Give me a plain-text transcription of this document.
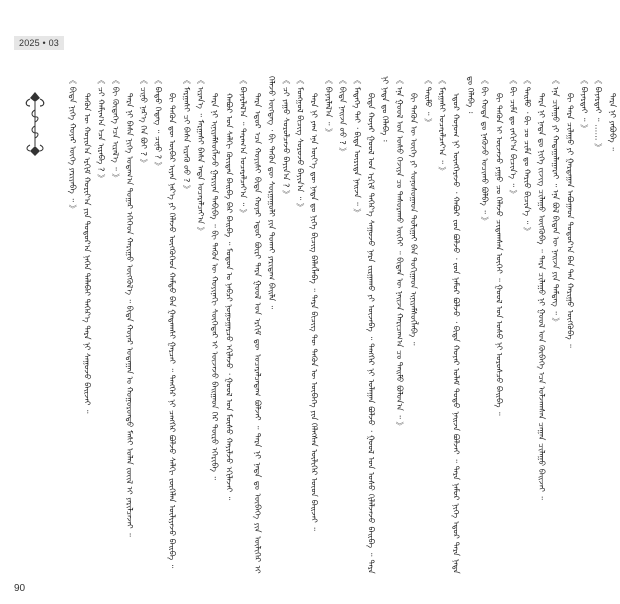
2025 • 03

《 ᠪᠢᠳᠡ ᠨᠢᠭᠡ ᠬᠣᠶᠠᠷ ᠦᠭᠡ ᠶᠠᠷᠢᠶᠠᠪᠠ ᠃ 》 ᠲᠡᠭᠦᠨ ᠦ ᠬᠣᠶᠢᠨ᠎ᠠ ᠡᠷᠬᠢᠮ ᠬᠣᠷᠢᠶ᠎ᠠ ᠶᠢᠨ ᠳᠣᠲᠣᠷ᠎ᠠ ᠨᠡᠭᠡᠨ ᠲᠠᠯᠠᠪᠠᠢ ᠳᠡᠭᠡᠷ᠎ᠡ ᠲᠡᠷᠡ ᠨᠢ ᠰᠠᠭᠤᠵᠤ ᠪᠠᠢᠵᠠᠢ ᠃ 《 ᠴᠢ ᠬᠠᠮᠢᠭ᠎ᠠ ᠡᠴᠡ ᠢᠷᠡᠪᠡ ? 》 《 ᠪᠢ ᠬᠦᠳᠡᠭᠡ ᠡᠴᠡ ᠢᠷᠡᠯ᠎ᠡ ᠃ 》 ᠲᠡᠷᠡ ᠨᠢ ᠪᠠᠰᠠ ᠨᠢᠭᠡ ᠤᠳᠠᠭ᠎ᠠ ᠳᠤᠭᠠᠷ ᠡᠭᠡᠭᠡᠳ ᠬᠠᠷᠢᠭᠤ ᠥᠭᠭᠦᠯ᠎ᠡ ᠃ ᠪᠢᠳᠡ ᠬᠣᠶᠠᠷ ᠤᠳᠠᠭᠠᠨ ᠤ ᠬᠣᠭᠤᠷᠤᠨᠳᠤ ᠮᠠᠰᠢ ᠣᠯᠠᠨ ᠵᠦᠢᠯ ᠢ ᠶᠠᠷᠢᠯᠴᠠᠵᠠᠢ ᠃ 《 ᠴᠢᠨᠦ ᠨᠡᠷ᠎ᠡ ᠬᠡᠨ ᠪᠤᠢ ? 》 《 ᠪᠠᠲᠤ ᠭᠡᠳᠡᠭ ᠃ ᠴᠢᠨᠦ ? 》 ᠪᠢ ᠲᠡᠭᠦᠨ ᠳᠦ ᠥᠪᠡᠷ ᠢᠶᠡᠨ ᠨᠡᠷ᠎ᠡ ᠶᠢ ᠬᠡᠯᠡᠵᠦ ᠥᠭᠭᠦᠭᠡᠳ ᠬᠠᠮᠲᠤ ᠪᠠᠨ ᠭᠠᠳᠠᠭᠰᠢ ᠭᠠᠷᠴᠠᠢ ᠃ ᠲᠡᠩᠭᠡᠷ ᠨᠢ ᠴᠡᠩᠬᠡᠷ ᠪᠣᠯᠵᠤ ᠰᠠᠯᠬᠢ ᠵᠥᠭᠡᠯᠡᠨ ᠦᠯᠢᠶᠡᠵᠦ ᠪᠠᠢᠪᠠ ᠃ 《 ᠮᠠᠷᠭᠠᠰᠢ ᠴᠢ ᠪᠠᠰᠠ ᠢᠷᠡᠬᠦ ᠦᠦ ? 》 《 ᠢᠷᠡᠨ᠎ᠡ ᠃ ᠮᠠᠷᠭᠠᠰᠢ ᠪᠠᠰᠠ ᠡᠨᠳᠡ ᠤᠴᠠᠷᠠᠯᠴᠠᠶ᠎ᠠ 》 ᠲᠡᠷᠡ ᠨᠢ ᠢᠨᠢᠶᠡᠮᠰᠦᠭᠯᠡᠵᠦ ᠭᠠᠷᠢᠶᠠᠨ ᠳᠡᠪᠢᠪᠡ ᠃ ᠪᠢ ᠲᠡᠭᠦᠨ ᠦ ᠬᠣᠶᠢᠨᠠᠬᠢ ᠰᠦᠭᠡᠳᠡᠷ ᠢ ᠦᠵᠡᠵᠦ ᠪᠠᠢᠭᠠᠳ ᠭᠡᠷ ᠲᠦᠷᠦ ᠡᠭᠡᠷᠢᠪᠡ ᠃ ᠬᠠᠪᠤᠷ ᠤᠨ ᠰᠠᠯᠬᠢ ᠬᠦᠢᠲᠡᠨ ᠪᠠᠢᠪᠠ ᠪᠡᠷ ᠪᠠᠢᠪᠠ ᠃ ᠮᠣᠳᠤᠨ ᠤ ᠨᠠᠪᠴᠢ ᠨᠣᠭᠣᠭᠠᠷᠴᠤ ᠡᠬᠢᠯᠡᠵᠦ ᠂ ᠭᠣᠣᠯ ᠤᠨ ᠮᠥᠰᠦ ᠬᠠᠶᠢᠯᠵᠤ ᠡᠬᠢᠯᠡᠵᠡᠢ ᠃ 《 ᠪᠠᠶᠠᠷᠯᠠᠯ᠎ᠠ ᠃ ᠳᠠᠷᠠᠭ᠎ᠠ ᠤᠴᠠᠷᠠᠯᠴᠠᠶ᠎ᠠ ᠃ 》 ᠲᠡᠷᠡ ᠡᠳᠦᠷ ᠡᠴᠡ ᠬᠣᠶᠢᠰᠢ ᠪᠢᠳᠡ ᠬᠣᠶᠠᠷ ᠡᠳᠦᠷ ᠪᠦᠷᠢ ᠲᠡᠷᠡ ᠭᠣᠣᠯ ᠤᠨ ᠡᠷᠬᠢᠮ ᠳᠦ ᠤᠴᠠᠷᠠᠯᠴᠠᠳᠠᠭ ᠪᠣᠯᠵᠠᠢ ᠃ ᠲᠡᠷᠡ ᠨᠢ ᠨᠠᠳᠠ ᠳᠤ ᠥᠪᠡᠭᠡ ᠶᠢᠨ ᠦᠯᠢᠭᠡᠷ ᠢ ᠬᠡᠯᠡᠵᠦ ᠥᠭᠳᠡᠭ ᠂ ᠪᠢ ᠲᠡᠭᠦᠨ ᠳᠦ ᠰᠤᠷᠭᠠᠭᠤᠯᠢ ᠶᠢᠨ ᠲᠤᠬᠠᠢ ᠶᠠᠷᠢᠳᠠᠭ ᠪᠠᠢᠯᠠ ᠃ 《 ᠴᠢ ᠶᠠᠭᠤ ᠰᠤᠷᠤᠯᠴᠠᠵᠤ ᠪᠠᠶᠢᠨ᠎ᠠ ? 》 《 ᠮᠣᠩᠭᠣᠯ ᠪᠢᠴᠢᠭ ᠰᠤᠷᠤᠵᠤ ᠪᠠᠶᠢᠨ᠎ᠠ ᠃ 》 ᠲᠡᠷᠡ ᠨᠢ ᠶᠠᠭ ᠡᠨᠡ ᠦᠶ᠎ᠡ ᠳᠦ ᠨᠠᠳᠠ ᠳᠤ ᠨᠢᠭᠡ ᠪᠢᠴᠢᠭ ᠪᠡᠯᠡᠭᠯᠡᠪᠡ ᠃ ᠲᠡᠷᠡ ᠪᠢᠴᠢᠭ ᠲᠦ ᠲᠡᠭᠦᠨ ᠦ ᠥᠪᠡᠭᠡ ᠶᠢᠨ ᠬᠡᠯᠡᠭᠰᠡᠨ ᠦᠯᠢᠭᠡᠷ ᠦᠳ ᠪᠠᠢᠵᠠᠢ ᠃ 《 ᠪᠠᠶᠠᠷᠯᠠᠯ᠎ᠠ ᠃ 》 《 ᠪᠢᠳᠡ ᠨᠠᠢᠵᠠ ᠦᠦ ? 》 《 ᠮᠡᠳᠡᠭᠡ ᠲᠡᠢ ᠂ ᠪᠢᠳᠡ ᠦᠷᠢᠳᠡ ᠨᠠᠢᠵᠠ ᠃ 》 ᠪᠢᠳᠡ ᠬᠣᠶᠠᠷ ᠭᠣᠣᠯ ᠤᠨ ᠡᠷᠬᠢᠮ ᠳᠡᠭᠡᠷ᠎ᠡ ᠰᠠᠭᠤᠵᠤ ᠨᠠᠷᠠ ᠵᠢᠷᠭᠠᠬᠤ ᠶᠢ ᠦᠵᠡᠪᠡ ᠃ ᠲᠡᠩᠭᠡᠷ ᠨᠢ ᠤᠯᠠᠭᠠᠨ ᠪᠣᠯᠵᠤ ᠂ ᠭᠣᠣᠯ ᠤᠨ ᠤᠰᠤ ᠭᠢᠯᠠᠯᠵᠠᠵᠤ ᠪᠠᠢᠪᠠ ᠃ ᠲᠡᠷᠡ ᠨᠢ ᠨᠠᠳᠠ ᠳᠤ ᠬᠡᠯᠡᠪᠡ ᠄ 《 ᠡᠨᠡ ᠭᠣᠣᠯ ᠤᠨ ᠤᠰᠤ ᠬᠡᠵᠢᠶᠡ ᠴᠤ ᠲᠠᠰᠤᠷᠠᠬᠤ ᠦᠭᠡᠢ ᠃ ᠪᠢᠳᠡᠨ ᠦ ᠨᠠᠢᠵᠠ ᠬᠠᠷᠢᠴᠠᠭ᠎ᠠ ᠴᠤ ᠲᠡᠢᠮᠦ ᠪᠣᠯᠤᠨ᠎ᠠ ᠃ 》 ᠪᠢ ᠲᠡᠭᠦᠨ ᠦ ᠦᠭᠡ ᠶᠢ ᠰᠣᠨᠣᠰᠣᠭᠠᠳ ᠲᠣᠯᠢᠭᠠᠢ ᠪᠠᠨ ᠳᠣᠬᠢᠭᠠᠳ ᠢᠨᠢᠶᠡᠮᠰᠦᠭᠯᠡᠪᠡ ᠃ 《 ᠲᠡᠢᠮᠦ ᠃ 》 《 ᠮᠠᠷᠭᠠᠰᠢ ᠤᠴᠠᠷᠠᠯᠴᠠᠶ᠎ᠠ ᠃ 》 ᠡᠳᠦᠷ ᠬᠣᠨᠣᠭ ᠨᠢ ᠥᠩᠭᠡᠷᠡᠵᠦ ᠂ ᠬᠠᠪᠤᠷ ᠵᠤᠨ ᠪᠣᠯᠵᠤ ᠂ ᠵᠤᠨ ᠨᠠᠮᠤᠷ ᠪᠣᠯᠵᠤ ᠂ ᠪᠢᠳᠡ ᠬᠣᠶᠠᠷ ᠤᠯᠠᠮ ᠳᠣᠲᠣ ᠨᠠᠢᠵᠠ ᠪᠣᠯᠵᠠᠢ ᠃ ᠲᠡᠷᠡ ᠨᠠᠮᠤᠷ ᠨᠢᠭᠡ ᠡᠳᠦᠷ ᠲᠡᠷᠡ ᠨᠠᠳᠠ ᠳᠤ ᠬᠡᠯᠡᠪᠡ ᠄ 《 ᠪᠢ ᠬᠣᠲᠠ ᠳᠤ ᠨᠡᠭᠦᠵᠦ ᠣᠴᠢᠬᠤ ᠪᠣᠯᠪᠠ ᠃ 》 ᠪᠢ ᠲᠡᠭᠦᠨ ᠢ ᠦᠵᠡᠵᠦ ᠶᠠᠭᠤ ᠴᠤ ᠬᠡᠯᠡᠵᠦ ᠴᠢᠳᠠᠭᠰᠠᠨ ᠦᠭᠡᠢ ᠃ ᠭᠣᠣᠯ ᠤᠨ ᠤᠰᠤ ᠨᠢ ᠤᠷᠤᠰᠴᠤ ᠪᠠᠢᠪᠠ ᠃ 《 ᠪᠢ ᠴᠢᠮᠠ ᠳᠤ ᠵᠠᠬᠢᠶ᠎ᠠ ᠪᠢᠴᠢᠨ᠎ᠡ ᠃ 》 《 ᠲᠡᠢᠮᠦ ᠂ ᠪᠢ ᠴᠤ ᠴᠢᠮᠠ ᠳᠤ ᠬᠠᠷᠢᠤ ᠪᠢᠴᠢᠨ᠎ᠡ ᠃ 》 ᠲᠡᠷᠡ ᠨᠢ ᠨᠠᠳᠠ ᠳᠤ ᠨᠢᠭᠡ ᠵᠢᠵᠢᠭ ᠴᠢᠯᠠᠭᠤ ᠥᠭᠭᠦᠪᠡ ᠃ ᠲᠡᠷᠡ ᠴᠢᠯᠠᠭᠤ ᠨᠢ ᠭᠣᠣᠯ ᠤᠨ ᠬᠥᠪᠡᠭᠡ ᠡᠴᠡ ᠣᠯᠵᠠᠭᠰᠠᠨ ᠴᠠᠭᠠᠨ ᠴᠢᠯᠠᠭᠤ ᠪᠠᠢᠵᠠᠢ ᠃ 《 ᠡᠨᠡ ᠴᠢᠯᠠᠭᠤ ᠶᠢ ᠬᠠᠳᠠᠭᠠᠯᠠᠭᠠᠷᠠᠢ ᠃ ᠡᠨᠡ ᠪᠣᠯ ᠪᠢᠳᠡᠨ ᠦ ᠨᠠᠢᠵᠠ ᠶᠢᠨ ᠲᠡᠮᠳᠡᠭ ᠃ 》 ᠪᠢ ᠲᠡᠷᠡ ᠴᠢᠯᠠᠭᠤ ᠶᠢ ᠭᠠᠷᠲᠠᠭᠠᠨ ᠠᠪᠤᠭᠠᠳ ᠳᠣᠲᠣᠷ᠎ᠠ ᠪᠡᠨ ᠲᠠᠨ ᠬᠠᠷᠢᠭᠤ ᠥᠭᠭᠦᠪᠡ ᠃ 《 ᠪᠠᠶᠠᠷᠲᠠᠢ ᠃ 》 《 ᠪᠠᠶᠠᠷᠲᠠᠢ ᠃ …… 》 ᠲᠡᠷᠡ ᠨᠢ ᠶᠠᠪᠤᠪᠠ ᠃

90
